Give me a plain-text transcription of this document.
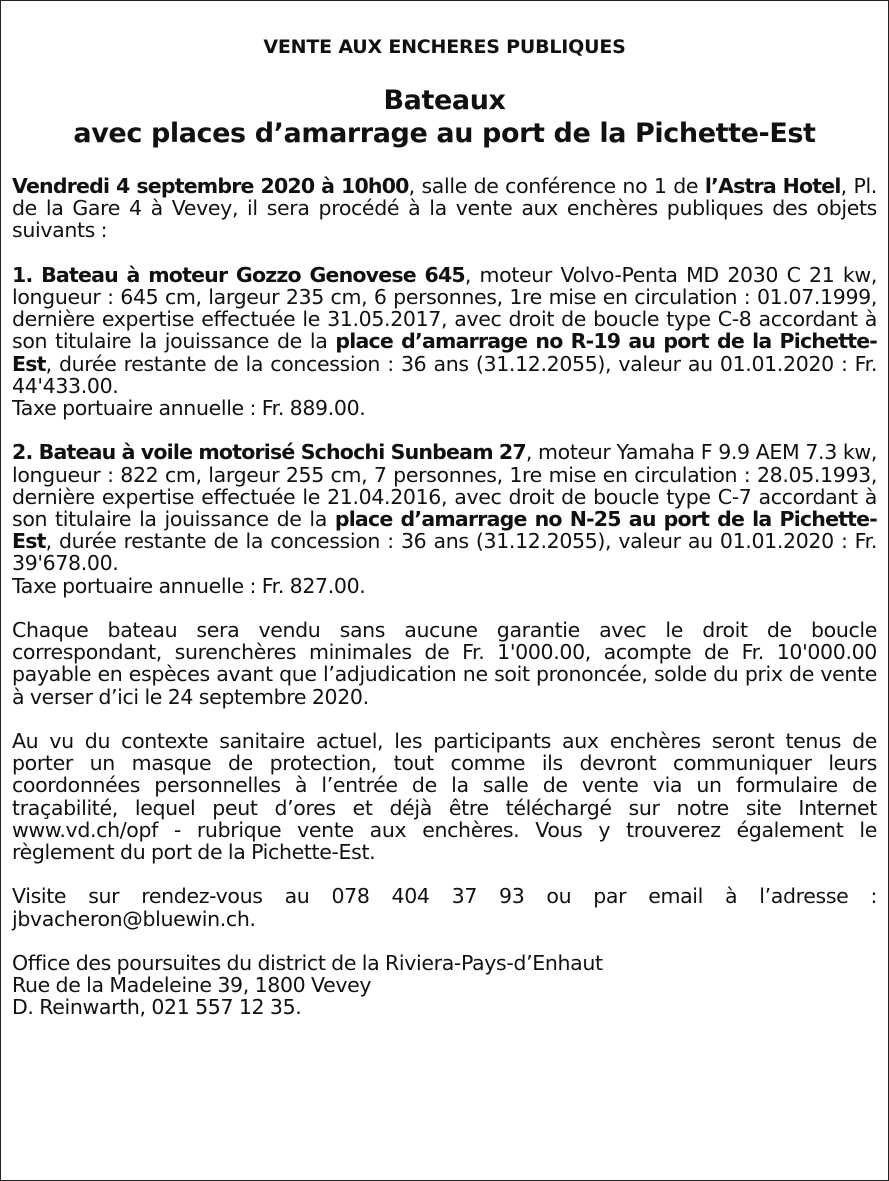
VENTE AUX ENCHERES PUBLIQUES
Bateaux
avec places d’amarrage au port de la Pichette-Est

Vendredi 4 septembre 2020 à 10h00, salle de conférence no 1 de l’Astra Hotel, Pl. de la Gare 4 à Vevey, il sera procédé à la vente aux enchères publiques des objets suivants :

1. Bateau à moteur Gozzo Genovese 645, moteur Volvo-Penta MD 2030 C 21 kw, longueur : 645 cm, largeur 235 cm, 6 personnes, 1re mise en circulation : 01.07.1999, dernière expertise effectuée le 31.05.2017, avec droit de boucle type C-8 accordant à son titulaire la jouissance de la place d’amarrage no R-19 au port de la Pichette-Est, durée restante de la concession : 36 ans (31.12.2055), valeur au 01.01.2020 : Fr. 44'433.00.
Taxe portuaire annuelle : Fr. 889.00.

2. Bateau à voile motorisé Schochi Sunbeam 27, moteur Yamaha F 9.9 AEM 7.3 kw, longueur : 822 cm, largeur 255 cm, 7 personnes, 1re mise en circulation : 28.05.1993, dernière expertise effectuée le 21.04.2016, avec droit de boucle type C-7 accordant à son titulaire la jouissance de la place d’amarrage no N-25 au port de la Pichette-Est, durée restante de la concession : 36 ans (31.12.2055), valeur au 01.01.2020 : Fr. 39'678.00.
Taxe portuaire annuelle : Fr. 827.00.

Chaque bateau sera vendu sans aucune garantie avec le droit de boucle correspondant, surenchères minimales de Fr. 1'000.00, acompte de Fr. 10'000.00 payable en espèces avant que l’adjudication ne soit prononcée, solde du prix de vente à verser d’ici le 24 septembre 2020.

Au vu du contexte sanitaire actuel, les participants aux enchères seront tenus de porter un masque de protection, tout comme ils devront communiquer leurs coordonnées personnelles à l’entrée de la salle de vente via un formulaire de traçabilité, lequel peut d’ores et déjà être téléchargé sur notre site Internet www.vd.ch/opf - rubrique vente aux enchères. Vous y trouverez également le règlement du port de la Pichette-Est.

Visite sur rendez-vous au 078 404 37 93 ou par email à l’adresse : jbvacheron@bluewin.ch.

Office des poursuites du district de la Riviera-Pays-d’Enhaut
Rue de la Madeleine 39, 1800 Vevey
D. Reinwarth, 021 557 12 35.
